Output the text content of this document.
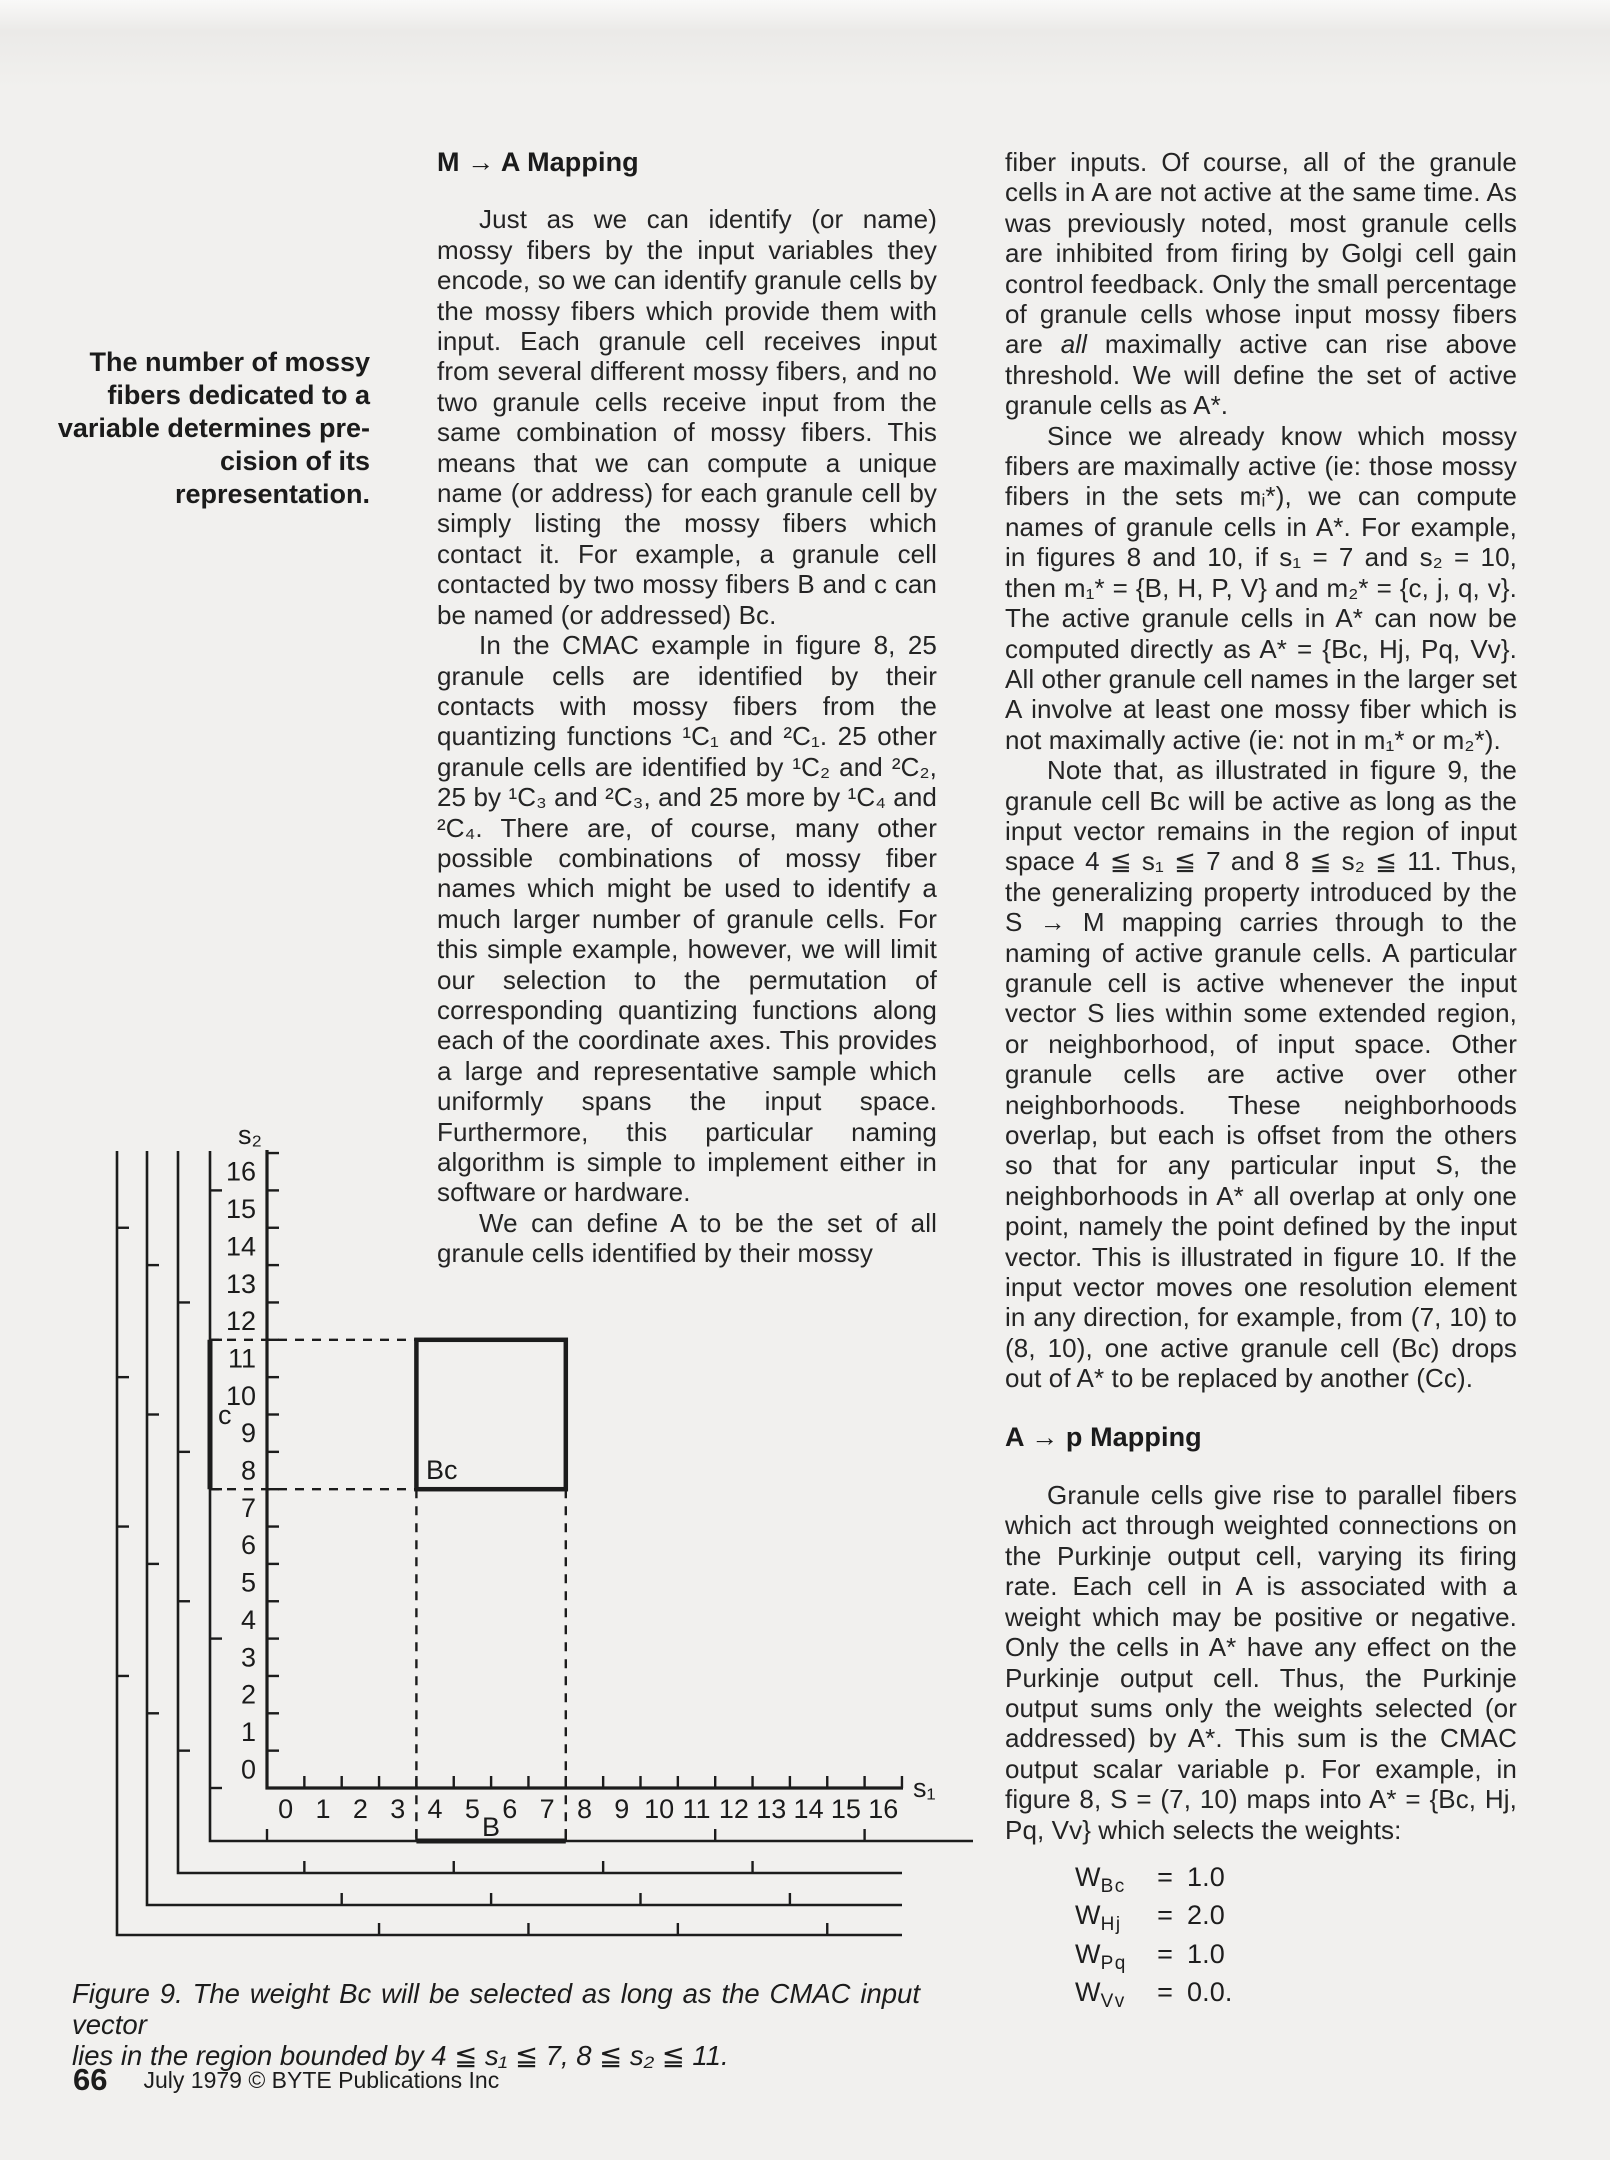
The number of mossy
fibers dedicated to a
variable determines pre-
cision of its representation.
M → A Mapping

Just as we can identify (or name) mossy fibers by the input variables they encode, so we can identify granule cells by the mossy fibers which provide them with input. Each granule cell receives input from several different mossy fibers, and no two granule cells receive input from the same combination of mossy fibers. This means that we can compute a unique name (or address) for each granule cell by simply listing the mossy fibers which contact it. For example, a granule cell contacted by two mossy fibers B and c can be named (or addressed) Bc.

In the CMAC example in figure 8, 25 granule cells are identified by their contacts with mossy fibers from the quantizing functions ¹C₁ and ²C₁. 25 other granule cells are identified by ¹C₂ and ²C₂, 25 by ¹C₃ and ²C₃, and 25 more by ¹C₄ and ²C₄. There are, of course, many other possible combinations of mossy fiber names which might be used to identify a much larger number of granule cells. For this simple example, however, we will limit our selection to the permutation of corresponding quantizing functions along each of the coordinate axes. This provides a large and representative sample which uniformly spans the input space. Furthermore, this particular naming algorithm is simple to implement either in software or hardware.

We can define A to be the set of all granule cells identified by their mossy

fiber inputs. Of course, all of the granule cells in A are not active at the same time. As was previously noted, most granule cells are inhibited from firing by Golgi cell gain control feedback. Only the small percentage of granule cells whose input mossy fibers are all maximally active can rise above threshold. We will define the set of active granule cells as A*.

Since we already know which mossy fibers are maximally active (ie: those mossy fibers in the sets mᵢ*), we can compute names of granule cells in A*. For example, in figures 8 and 10, if s₁ = 7 and s₂ = 10, then m₁* = {B, H, P, V} and m₂* = {c, j, q, v}. The active granule cells in A* can now be computed directly as A* = {Bc, Hj, Pq, Vv}. All other granule cell names in the larger set A involve at least one mossy fiber which is not maximally active (ie: not in m₁* or m₂*).

Note that, as illustrated in figure 9, the granule cell Bc will be active as long as the input vector remains in the region of input space 4 ≦ s₁ ≦ 7 and 8 ≦ s₂ ≦ 11. Thus, the generalizing property introduced by the S → M mapping carries through to the naming of active granule cells. A particular granule cell is active whenever the input vector S lies within some extended region, or neighborhood, of input space. Other granule cells are active over other neighborhoods. These neighborhoods overlap, but each is offset from the others so that for any particular input S, the neighborhoods in A* all overlap at only one point, namely the point defined by the input vector. This is illustrated in figure 10. If the input vector moves one resolution element in any direction, for example, from (7, 10) to (8, 10), one active granule cell (Bc) drops out of A* to be replaced by another (Cc).

A → p Mapping

Granule cells give rise to parallel fibers which act through weighted connections on the Purkinje output cell, varying its firing rate. Each cell in A is associated with a weight which may be positive or negative. Only the cells in A* have any effect on the Purkinje output cell. Thus, the Purkinje output sums only the weights selected (or addressed) by A*. This sum is the CMAC output scalar variable p. For example, in figure 8, S = (7, 10) maps into A* = {Bc, Hj, Pq, Vv} which selects the weights:

$W_{Bc} = 1.0$
$W_{Hj} = 2.0$
$W_{Pq} = 1.0$
$W_{Vv} = 0.0$.
0 1 2 3 4 5 6 7 8 9 10 11 12 13 14 15 16
16
15
14
13
12
11
10
9
8
7
6
5
4
3
2
1
0
s₂
s₁
Bc
c
B
Figure 9. The weight Bc will be selected as long as the CMAC input vector
lies in the region bounded by 4 ≦ s₁ ≦ 7, 8 ≦ s₂ ≦ 11.
66 July 1979 © BYTE Publications Inc
